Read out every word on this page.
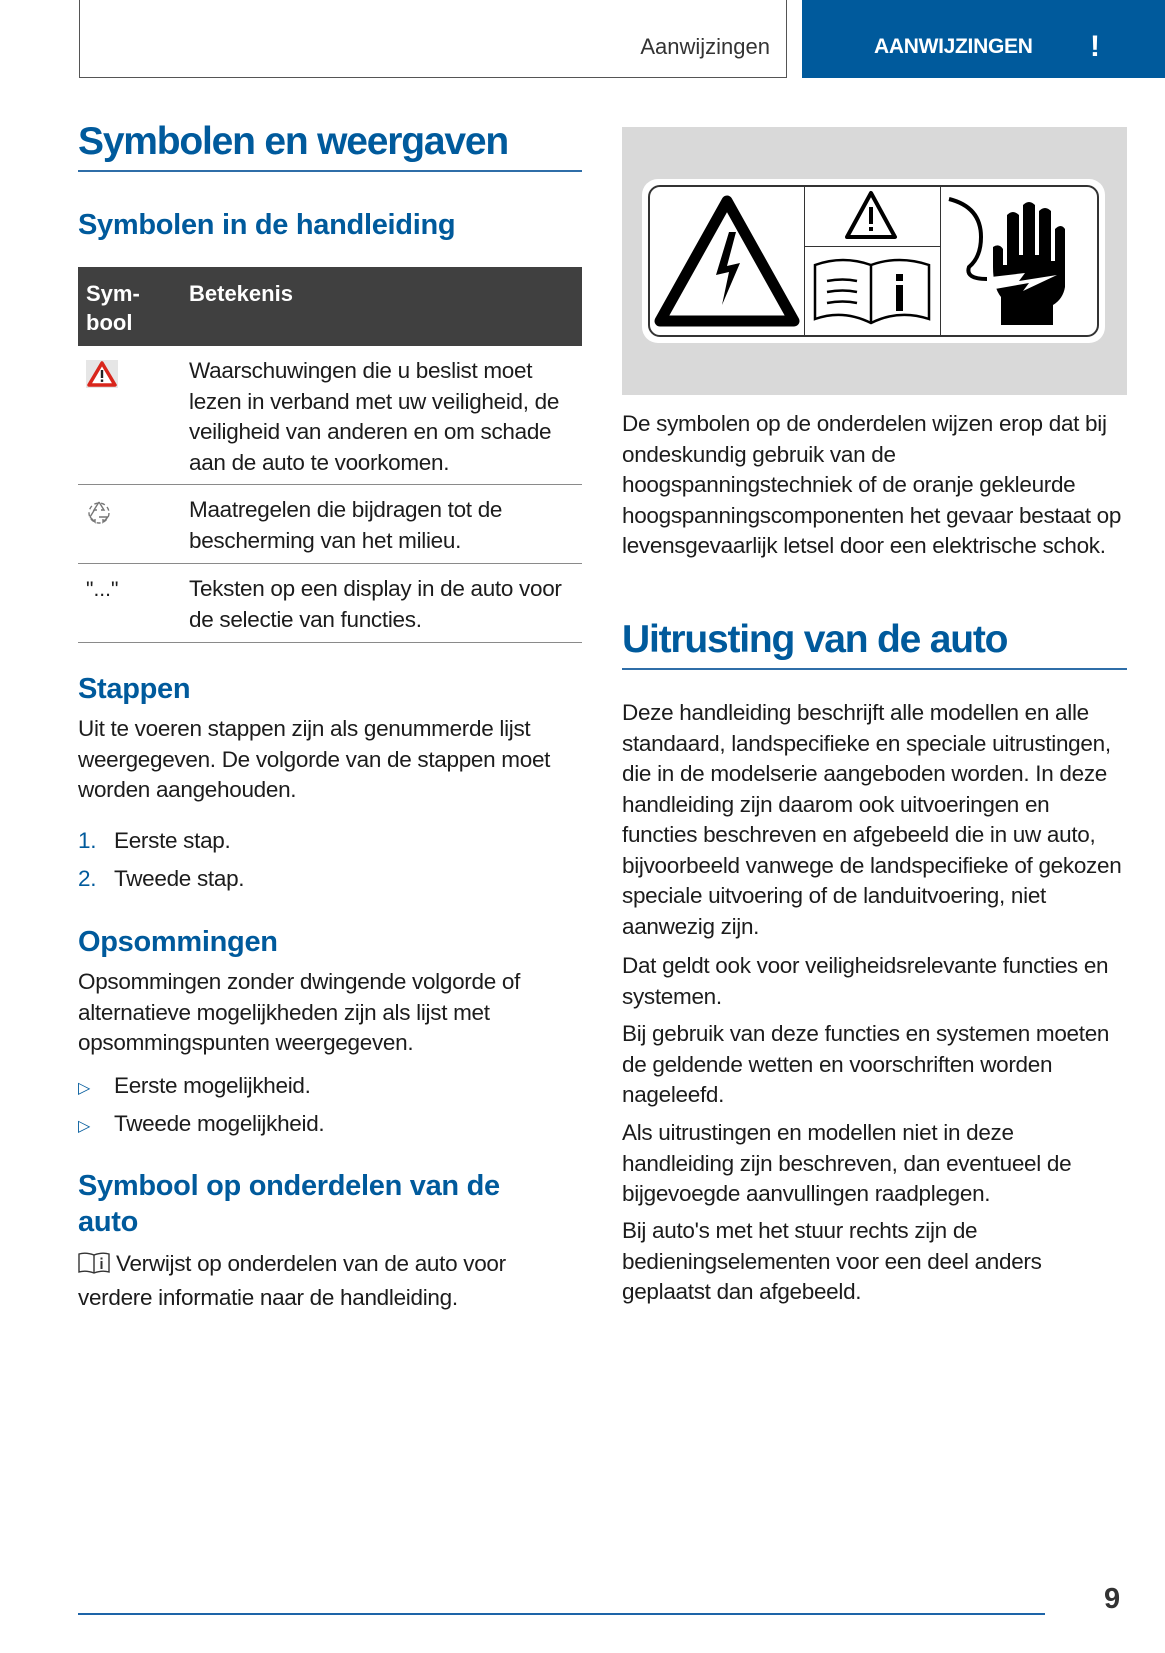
Aanwijzingen	AANWIJZINGEN !
Symbolen en weergaven
Symbolen in de handleiding
Sym-
bool
Betekenis
Waarschuwingen die u beslist moet lezen in verband met uw veiligheid, de veiligheid van anderen en om schade aan de auto te voorkomen.
Maatregelen die bijdragen tot de bescherming van het milieu.
"..."	Teksten op een display in de auto voor de selectie van functies.
Stappen
Uit te voeren stappen zijn als genummerde lijst weergegeven. De volgorde van de stappen moet worden aangehouden.
1. Eerste stap.
2. Tweede stap.
Opsommingen
Opsommingen zonder dwingende volgorde of alternatieve mogelijkheden zijn als lijst met opsommingspunten weergegeven.
▷ Eerste mogelijkheid.
▷ Tweede mogelijkheid.
Symbool op onderdelen van de auto
Verwijst op onderdelen van de auto voor verdere informatie naar de handleiding.
De symbolen op de onderdelen wijzen erop dat bij ondeskundig gebruik van de hoogspanningstechniek of de oranje gekleurde hoogspanningscomponenten het gevaar bestaat op levensgevaarlijk letsel door een elektrische schok.
Uitrusting van de auto
Deze handleiding beschrijft alle modellen en alle standaard, landspecifieke en speciale uitrustingen, die in de modelserie aangeboden worden. In deze handleiding zijn daarom ook uitvoeringen en functies beschreven en afgebeeld die in uw auto, bijvoorbeeld vanwege de landspecifieke of gekozen speciale uitvoering of de landuitvoering, niet aanwezig zijn.
Dat geldt ook voor veiligheidsrelevante functies en systemen.
Bij gebruik van deze functies en systemen moeten de geldende wetten en voorschriften worden nageleefd.
Als uitrustingen en modellen niet in deze handleiding zijn beschreven, dan eventueel de bijgevoegde aanvullingen raadplegen.
Bij auto's met het stuur rechts zijn de bedieningselementen voor een deel anders geplaatst dan afgebeeld.
9
